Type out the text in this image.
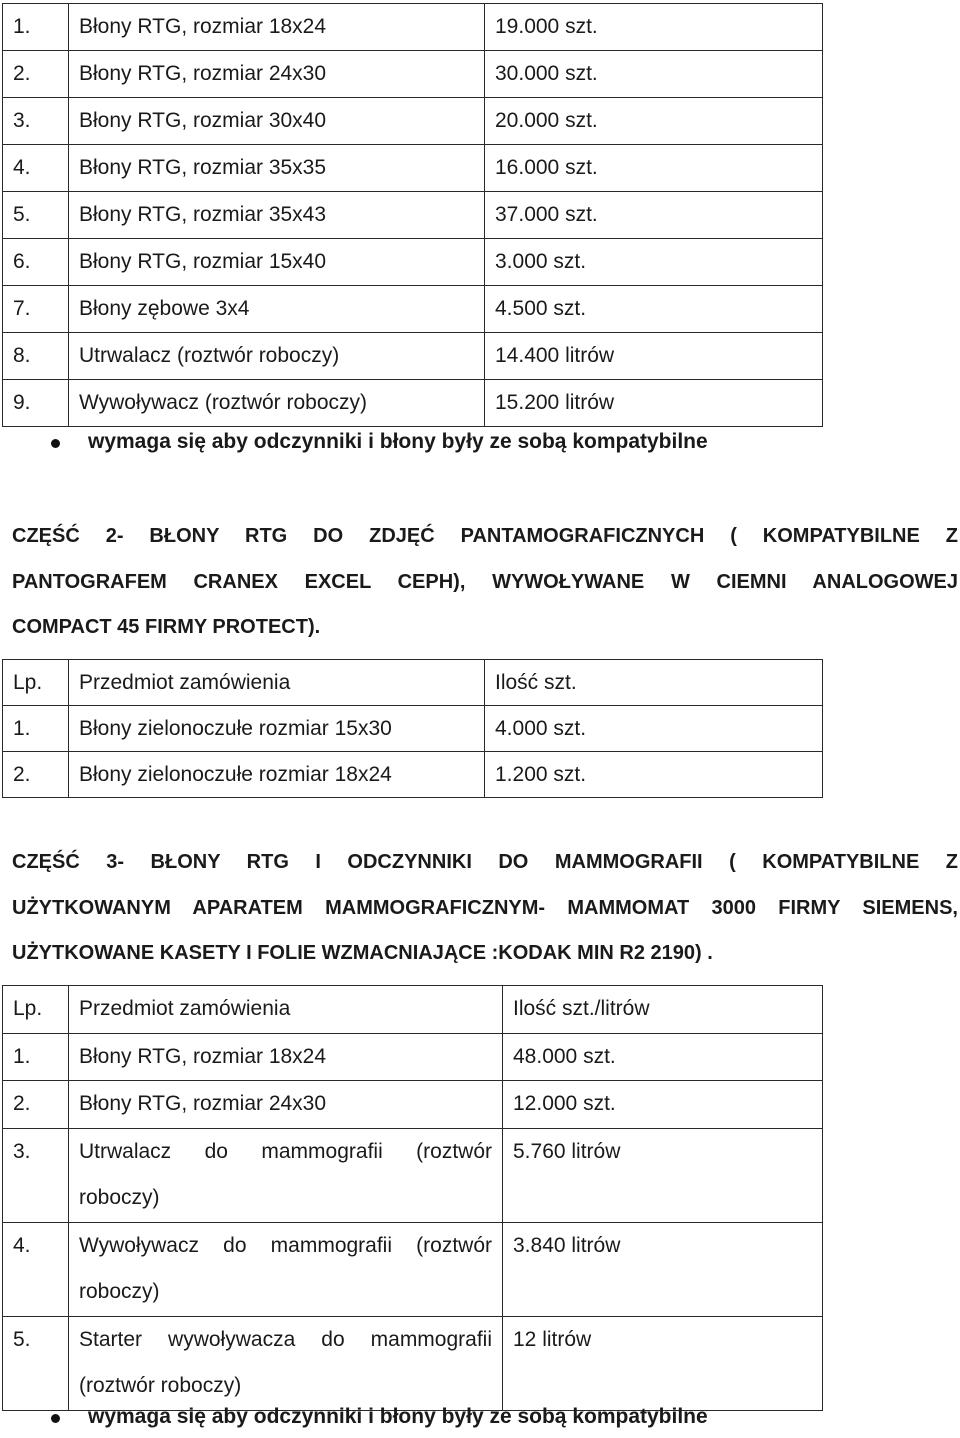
1.	Błony RTG, rozmiar 18x24	19.000 szt.
2.	Błony RTG, rozmiar 24x30	30.000 szt.
3.	Błony RTG, rozmiar 30x40	20.000 szt.
4.	Błony RTG, rozmiar 35x35	16.000 szt.
5.	Błony RTG, rozmiar 35x43	37.000 szt.
6.	Błony RTG, rozmiar 15x40	3.000 szt.
7.	Błony zębowe 3x4	4.500 szt.
8.	Utrwalacz (roztwór roboczy)	14.400 litrów
9.	Wywoływacz (roztwór roboczy)	15.200 litrów
wymaga się aby odczynniki i błony były ze sobą kompatybilne
CZĘŚĆ 2- BŁONY RTG DO ZDJĘĆ PANTAMOGRAFICZNYCH ( KOMPATYBILNE Z
PANTOGRAFEM CRANEX EXCEL CEPH), WYWOŁYWANE W CIEMNI ANALOGOWEJ
COMPACT 45 FIRMY PROTECT).
Lp.	Przedmiot zamówienia	Ilość szt.
1.	Błony zielonoczułe rozmiar 15x30	4.000 szt.
2.	Błony zielonoczułe rozmiar 18x24	1.200 szt.
CZĘŚĆ 3- BŁONY RTG I ODCZYNNIKI DO MAMMOGRAFII ( KOMPATYBILNE Z
UŻYTKOWANYM APARATEM MAMMOGRAFICZNYM- MAMMOMAT 3000 FIRMY SIEMENS,
UŻYTKOWANE KASETY I FOLIE WZMACNIAJĄCE :KODAK MIN R2 2190) .
Lp.	Przedmiot zamówienia	Ilość szt./litrów
1.	Błony RTG, rozmiar 18x24	48.000 szt.
2.	Błony RTG, rozmiar 24x30	12.000 szt.
3.	Utrwalacz do mammografii (roztwór roboczy)	5.760 litrów
4.	Wywoływacz do mammografii (roztwór roboczy)	3.840 litrów
5.	Starter wywoływacza do mammografii (roztwór roboczy)	12 litrów
wymaga się aby odczynniki i błony były ze sobą kompatybilne
